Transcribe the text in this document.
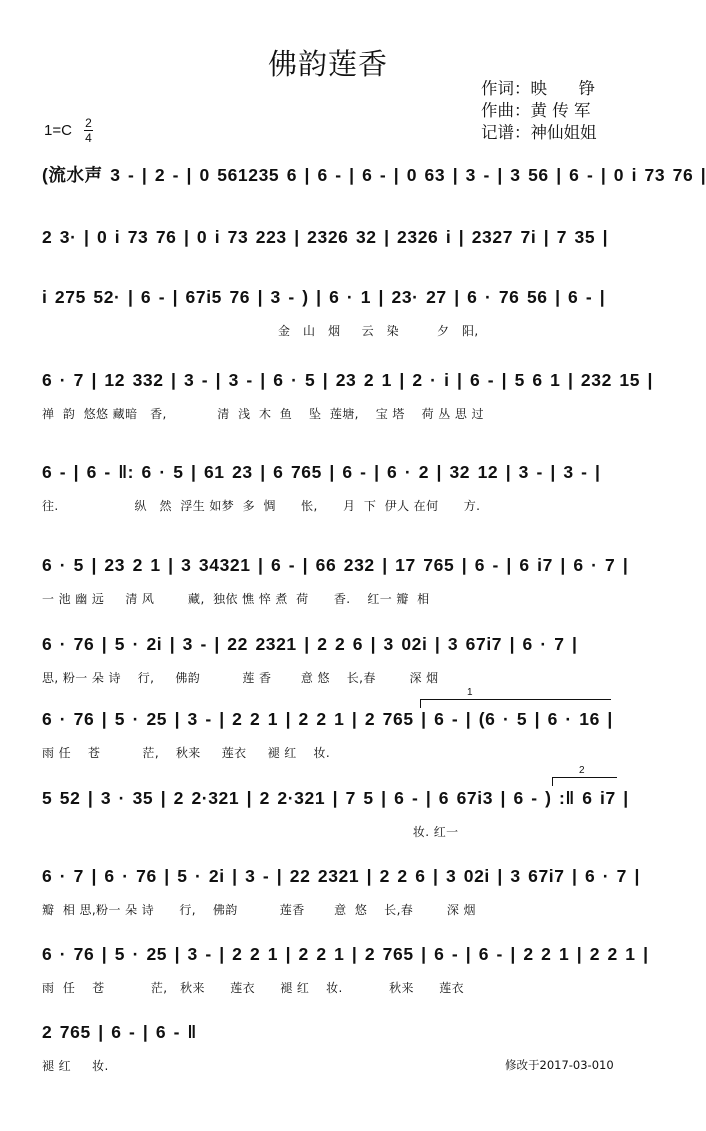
佛韵莲香
作词：映      铮
作曲：黄 传 军
记谱：神仙姐姐
1=C 2
4
(流水声 3 - | 2 - | 0 561235 6 | 6 - | 6 - | 0 63 | 3 - | 3 56 | 6 - | 0 i 73 76 |
2 3· | 0 i 73 76 | 0 i 73 223 | 2326 32 | 2326 i | 2327 7i | 7 35 |
i 275 52· | 6 - | 67i5 76 | 3 - ) | 6 · 1 | 23· 27 | 6 · 76 56 | 6 - |
金   山   烟     云   染         夕   阳,
6 · 7 | 12 332 | 3 - | 3 - | 6 · 5 | 23 2 1 | 2 · i | 6 - | 5 6 1 | 232 15 |
禅  韵  悠悠 藏暗   香,            清  浅  木  鱼    坠  莲塘,    宝 塔    荷 丛 思 过
6 - | 6 - ‖: 6 · 5 | 61 23 | 6 765 | 6 - | 6 · 2 | 32 12 | 3 - | 3 - |
往.                  纵   然  浮生 如梦  多  惆      怅,      月  下  伊人 在何      方.
6 · 5 | 23 2 1 | 3 34321 | 6 - | 66 232 | 17 765 | 6 - | 6 i7 | 6 · 7 |
一 池 幽 远     清 风        藏,  独依 憔 悴 煮  荷      香.    红一 瓣  相
6 · 76 | 5 · 2i | 3 - | 22 2321 | 2 2 6 | 3 02i | 3 67i7 | 6 · 7 |
思, 粉一 朵 诗    行,     佛韵          莲 香       意 悠    长,春        深 烟
6 · 76 | 5 · 25 | 3 - | 2 2 1 | 2 2 1 | 2 765 | 6 - | (6 · 5 | 6 · 16 |
雨 任    苍          茫,    秋来     莲衣     褪 红    妆.
5 52 | 3 · 35 | 2 2·321 | 2 2·321 | 7 5 | 6 - | 6 67i3 | 6 - ) :‖ 6 i7 |
妆. 红一
6 · 7 | 6 · 76 | 5 · 2i | 3 - | 22 2321 | 2 2 6 | 3 02i | 3 67i7 | 6 · 7 |
瓣  相 思,粉一 朵 诗      行,    佛韵          莲香       意  悠    长,春        深 烟
6 · 76 | 5 · 25 | 3 - | 2 2 1 | 2 2 1 | 2 765 | 6 - | 6 - | 2 2 1 | 2 2 1 |
雨  任    苍           茫,   秋来      莲衣      褪 红    妆.           秋来      莲衣
2 765 | 6 - | 6 - ‖
褪 红     妆.
1
2
修改于2017-03-010
